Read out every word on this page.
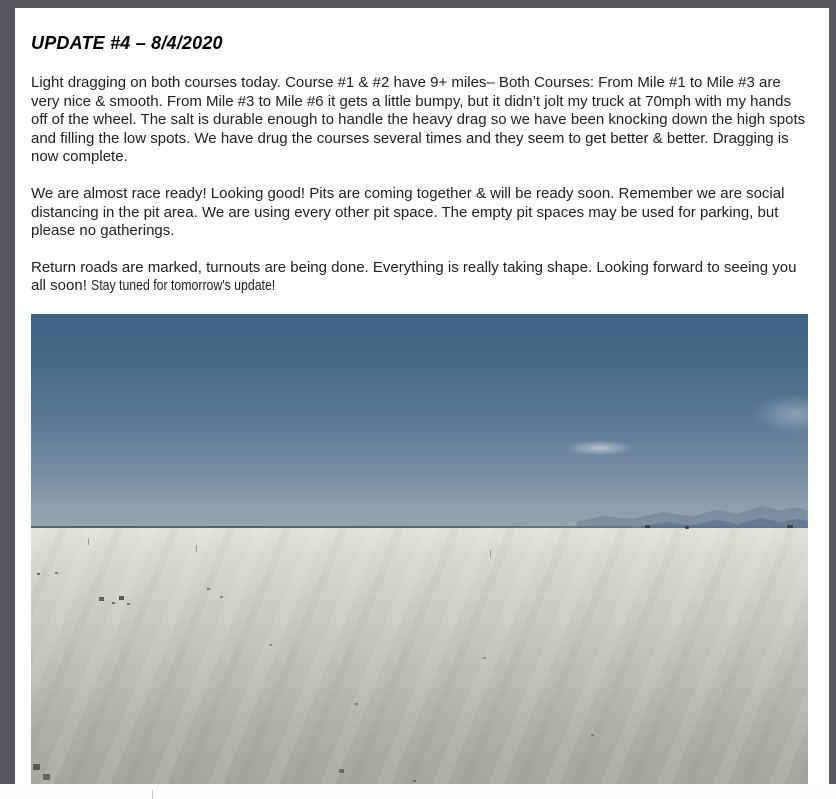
UPDATE #4 – 8/4/2020

Light dragging on both courses today. Course #1 & #2 have 9+ miles– Both Courses: From Mile #1 to Mile #3 are very nice & smooth. From Mile #3 to Mile #6 it gets a little bumpy, but it didn’t jolt my truck at 70mph with my hands off of the wheel. The salt is durable enough to handle the heavy drag so we have been knocking down the high spots and filling the low spots. We have drug the courses several times and they seem to get better & better. Dragging is now complete.

We are almost race ready! Looking good! Pits are coming together & will be ready soon. Remember we are social distancing in the pit area. We are using every other pit space. The empty pit spaces may be used for parking, but please no gatherings.

Return roads are marked, turnouts are being done. Everything is really taking shape. Looking forward to seeing you all soon! Stay tuned for tomorrow's update!
